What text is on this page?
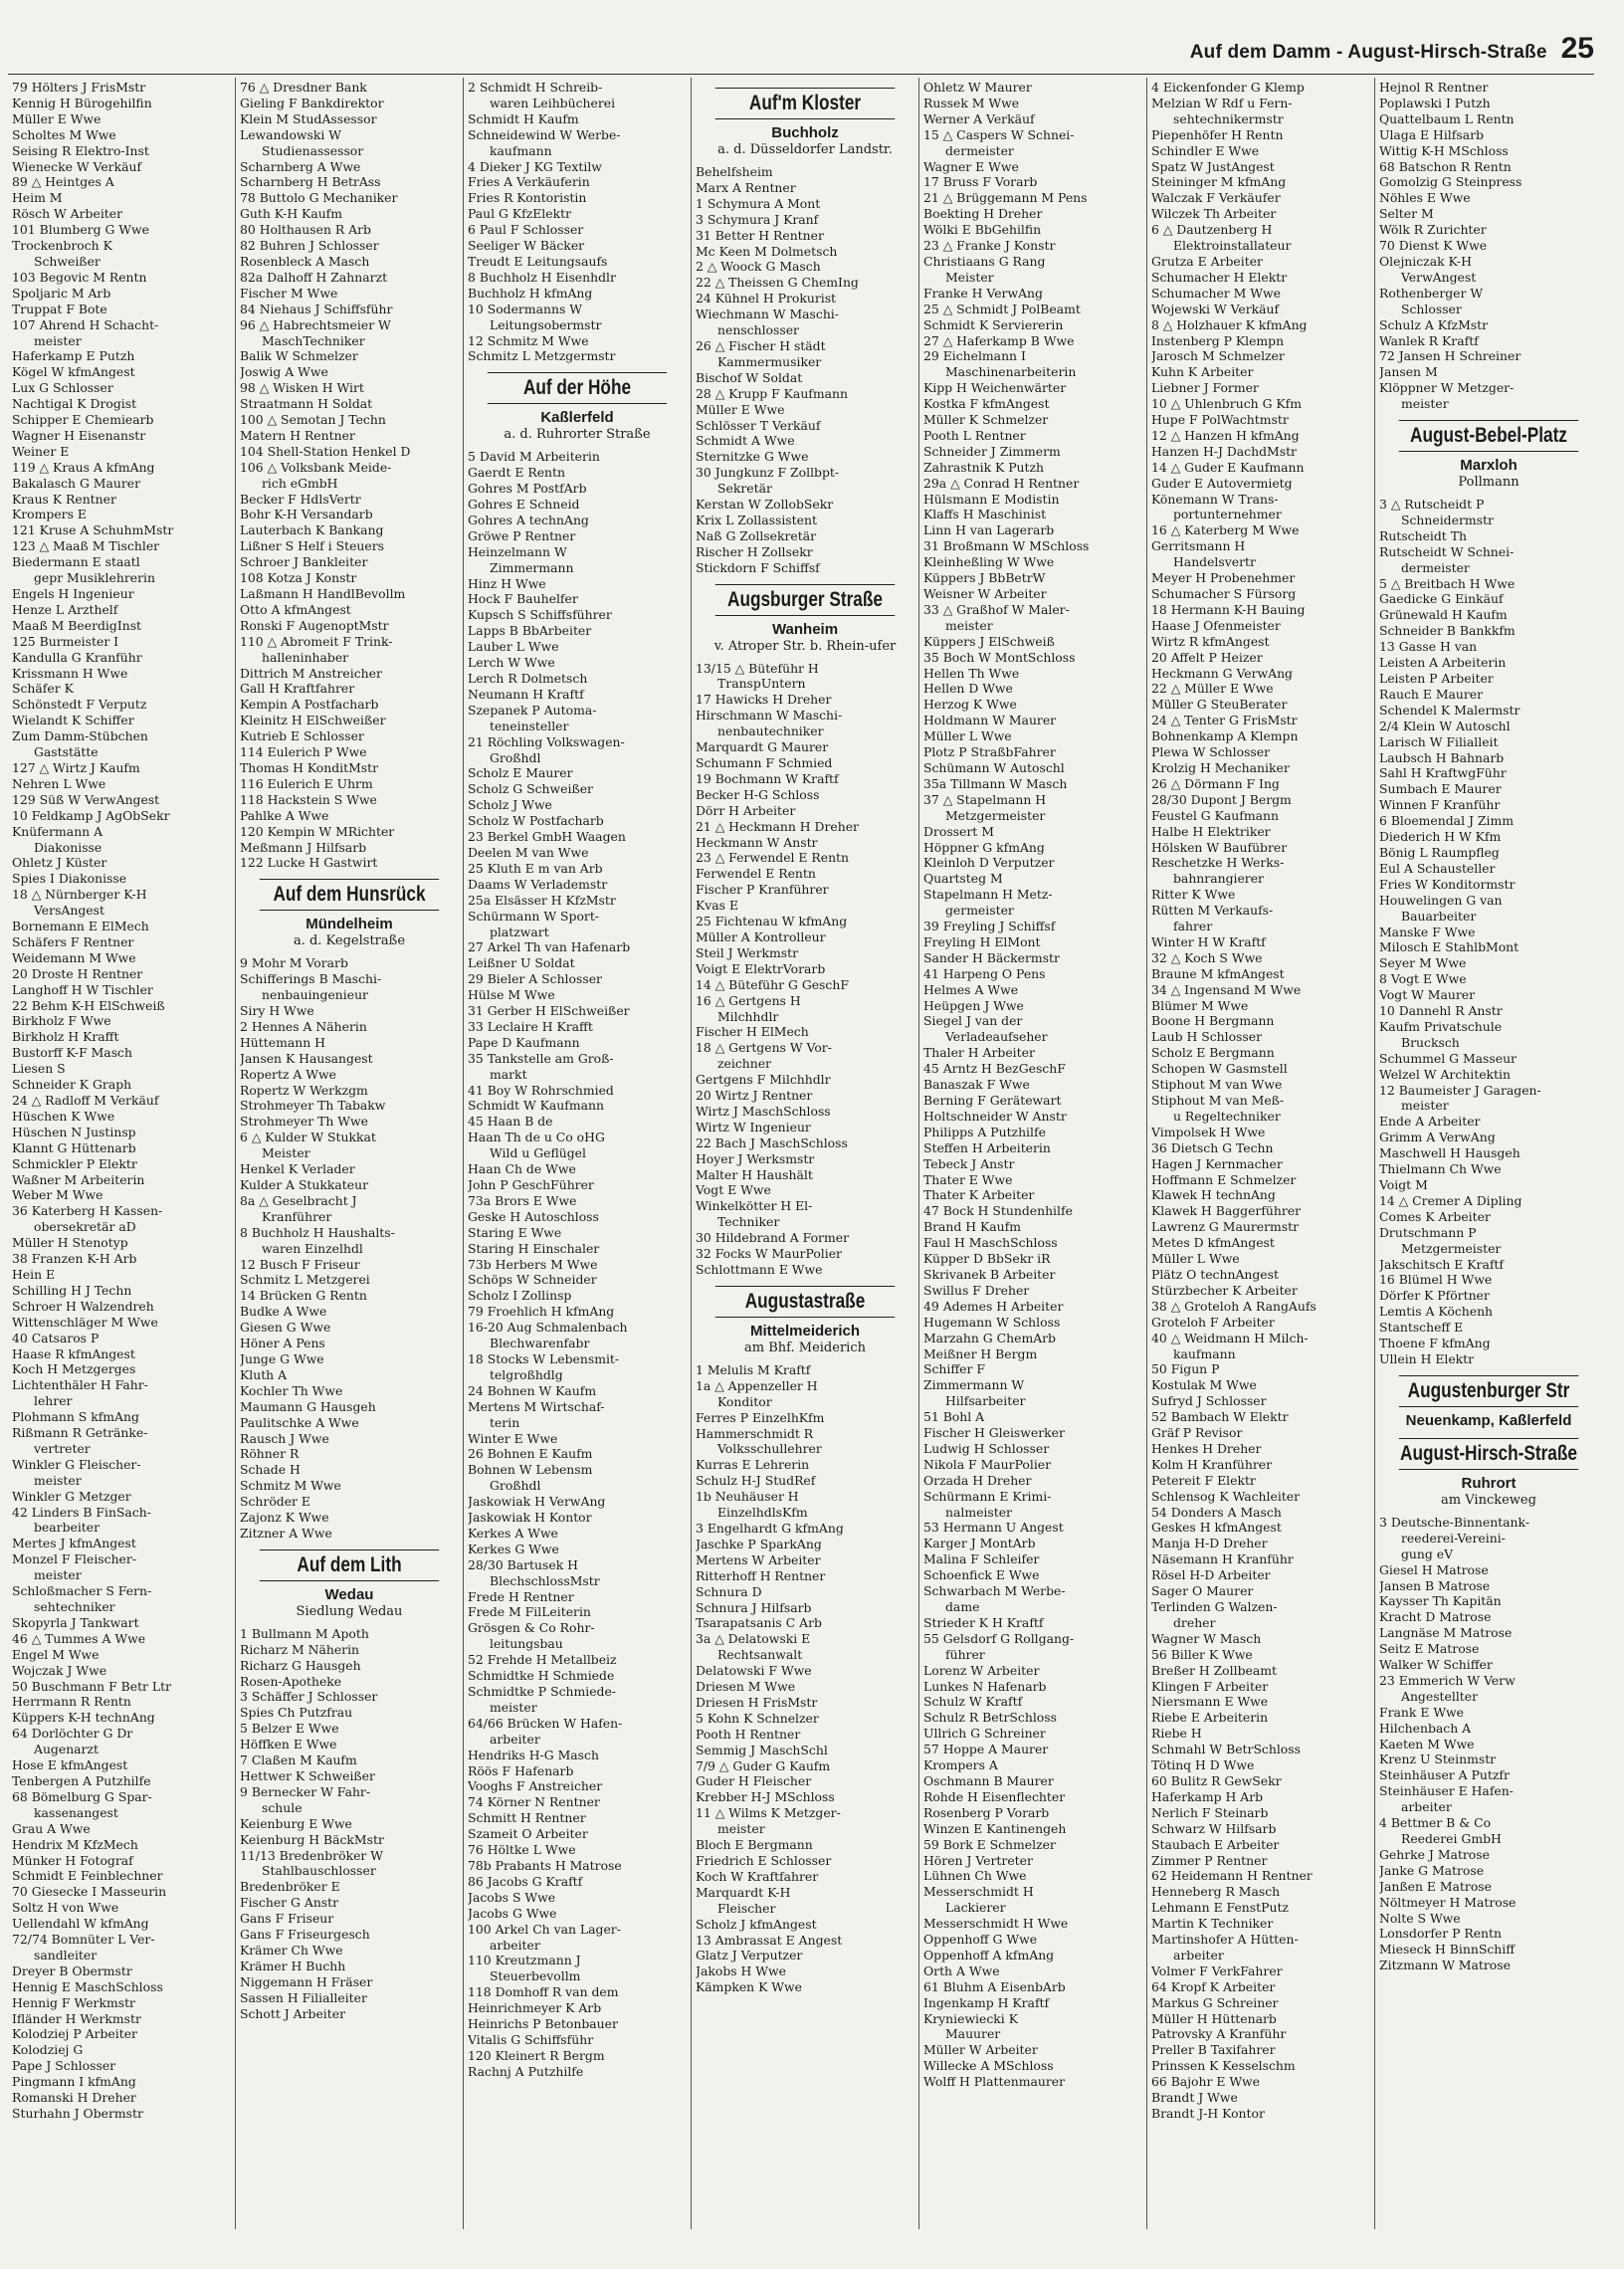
Auf dem Damm - August-Hirsch-Straße 25
79 Hölters J FrisMstr
Kennig H Bürogehilfin
Müller E Wwe
Scholtes M Wwe
Seising R Elektro-Inst
Wienecke W Verkäuf
89 △ Heintges A
Heim M
Rösch W Arbeiter
101 Blumberg G Wwe
Trockenbroch K
Schweißer
103 Begovic M Rentn
Spoljaric M Arb
Truppat F Bote
107 Ahrend H Schacht-
meister
Haferkamp E Putzh
Kögel W kfmAngest
Lux G Schlosser
Nachtigal K Drogist
Schipper E Chemiearb
Wagner H Eisenanstr
Weiner E
119 △ Kraus A kfmAng
Bakalasch G Maurer
Kraus K Rentner
Krompers E
121 Kruse A SchuhmMstr
123 △ Maaß M Tischler
Biedermann E staatl
gepr Musiklehrerin
Engels H Ingenieur
Henze L Arzthelf
Maaß M BeerdigInst
125 Burmeister I
Kandulla G Kranführ
Krissmann H Wwe
Schäfer K
Schönstedt F Verputz
Wielandt K Schiffer
Zum Damm-Stübchen
Gaststätte
127 △ Wirtz J Kaufm
Nehren L Wwe
129 Süß W VerwAngest
10 Feldkamp J AgObSekr
Knüfermann A
Diakonisse
Ohletz J Küster
Spies I Diakonisse
18 △ Nürnberger K-H
VersAngest
Bornemann E ElMech
Schäfers F Rentner
Weidemann M Wwe
20 Droste H Rentner
Langhoff H W Tischler
22 Behm K-H ElSchweiß
Birkholz F Wwe
Birkholz H Krafft
Bustorff K-F Masch
Liesen S
Schneider K Graph
24 △ Radloff M Verkäuf
Hüschen K Wwe
Hüschen N Justinsp
Klannt G Hüttenarb
Schmickler P Elektr
Waßner M Arbeiterin
Weber M Wwe
36 Katerberg H Kassen-
obersekretär aD
Müller H Stenotyp
38 Franzen K-H Arb
Hein E
Schilling H J Techn
Schroer H Walzendreh
Wittenschläger M Wwe
40 Catsaros P
Haase R kfmAngest
Koch H Metzgerges
Lichtenthäler H Fahr-
lehrer
Plohmann S kfmAng
Rißmann R Getränke-
vertreter
Winkler G Fleischer-
meister
Winkler G Metzger
42 Linders B FinSach-
bearbeiter
Mertes J kfmAngest
Monzel F Fleischer-
meister
Schloßmacher S Fern-
sehtechniker
Skopyrla J Tankwart
46 △ Tummes A Wwe
Engel M Wwe
Wojczak J Wwe
50 Buschmann F Betr Ltr
Herrmann R Rentn
Küppers K-H technAng
64 Dorlöchter G Dr
Augenarzt
Hose E kfmAngest
Tenbergen A Putzhilfe
68 Bömelburg G Spar-
kassenangest
Grau A Wwe
Hendrix M KfzMech
Münker H Fotograf
Schmidt E Feinblechner
70 Giesecke I Masseurin
Soltz H von Wwe
Uellendahl W kfmAng
72/74 Bomnüter L Ver-
sandleiter
Dreyer B Obermstr
Hennig E MaschSchloss
Hennig F Werkmstr
Ifländer H Werkmstr
Kolodziej P Arbeiter
Kolodziej G
Pape J Schlosser
Pingmann I kfmAng
Romanski H Dreher
Sturhahn J Obermstr
76 △ Dresdner Bank
Gieling F Bankdirektor
Klein M StudAssessor
Lewandowski W
Studienassessor
Scharnberg A Wwe
Scharnberg H BetrAss
78 Buttolo G Mechaniker
Guth K-H Kaufm
80 Holthausen R Arb
82 Buhren J Schlosser
Rosenbleck A Masch
82a Dalhoff H Zahnarzt
Fischer M Wwe
84 Niehaus J Schiffsführ
96 △ Habrechtsmeier W
MaschTechniker
Balik W Schmelzer
Joswig A Wwe
98 △ Wisken H Wirt
Straatmann H Soldat
100 △ Semotan J Techn
Matern H Rentner
104 Shell-Station Henkel D
106 △ Volksbank Meide-
rich eGmbH
Becker F HdlsVertr
Bohr K-H Versandarb
Lauterbach K Bankang
Lißner S Helf i Steuers
Schroer J Bankleiter
108 Kotza J Konstr
Laßmann H HandlBevollm
Otto A kfmAngest
Ronski F AugenoptMstr
110 △ Abromeit F Trink-
halleninhaber
Dittrich M Anstreicher
Gall H Kraftfahrer
Kempin A Postfacharb
Kleinitz H ElSchweißer
Kutrieb E Schlosser
114 Eulerich P Wwe
Thomas H KonditMstr
116 Eulerich E Uhrm
118 Hackstein S Wwe
Pahlke A Wwe
120 Kempin W MRichter
Meßmann J Hilfsarb
122 Lucke H Gastwirt
Auf dem Hunsrück
Mündelheim
a. d. Kegelstraße
9 Mohr M Vorarb
Schifferings B Maschi-
nenbauingenieur
Siry H Wwe
2 Hennes A Näherin
Hüttemann H
Jansen K Hausangest
Ropertz A Wwe
Ropertz W Werkzgm
Strohmeyer Th Tabakw
Strohmeyer Th Wwe
6 △ Kulder W Stukkat
Meister
Henkel K Verlader
Kulder A Stukkateur
8a △ Geselbracht J
Kranführer
8 Buchholz H Haushalts-
waren Einzelhdl
12 Busch F Friseur
Schmitz L Metzgerei
14 Brücken G Rentn
Budke A Wwe
Giesen G Wwe
Höner A Pens
Junge G Wwe
Kluth A
Kochler Th Wwe
Maumann G Hausgeh
Paulitschke A Wwe
Rausch J Wwe
Röhner R
Schade H
Schmitz M Wwe
Schröder E
Zajonz K Wwe
Zitzner A Wwe
Auf dem Lith
Wedau
Siedlung Wedau
1 Bullmann M Apoth
Richarz M Näherin
Richarz G Hausgeh
Rosen-Apotheke
3 Schäffer J Schlosser
Spies Ch Putzfrau
5 Belzer E Wwe
Höffken E Wwe
7 Claßen M Kaufm
Hettwer K Schweißer
9 Bernecker W Fahr-
schule
Keienburg E Wwe
Keienburg H BäckMstr
11/13 Bredenbröker W
Stahlbauschlosser
Bredenbröker E
Fischer G Anstr
Gans F Friseur
Gans F Friseurgesch
Krämer Ch Wwe
Krämer H Buchh
Niggemann H Fräser
Sassen H Filialleiter
Schott J Arbeiter
2 Schmidt H Schreib-
waren Leihbücherei
Schmidt H Kaufm
Schneidewind W Werbe-
kaufmann
4 Dieker J KG Textilw
Fries A Verkäuferin
Fries R Kontoristin
Paul G KfzElektr
6 Paul F Schlosser
Seeliger W Bäcker
Treudt E Leitungsaufs
8 Buchholz H Eisenhdlr
Buchholz H kfmAng
10 Sodermanns W
Leitungsobermstr
12 Schmitz M Wwe
Schmitz L Metzgermstr
Auf der Höhe
Kaßlerfeld
a. d. Ruhrorter Straße
5 David M Arbeiterin
Gaerdt E Rentn
Gohres M PostfArb
Gohres E Schneid
Gohres A technAng
Gröwe P Rentner
Heinzelmann W
Zimmermann
Hinz H Wwe
Hock F Bauhelfer
Kupsch S Schiffsführer
Lapps B BbArbeiter
Lauber L Wwe
Lerch W Wwe
Lerch R Dolmetsch
Neumann H Kraftf
Szepanek P Automa-
teneinsteller
21 Röchling Volkswagen-
Großhdl
Scholz E Maurer
Scholz G Schweißer
Scholz J Wwe
Scholz W Postfacharb
23 Berkel GmbH Waagen
Deelen M van Wwe
25 Kluth E m van Arb
Daams W Verlademstr
25a Elsässer H KfzMstr
Schürmann W Sport-
platzwart
27 Arkel Th van Hafenarb
Leißner U Soldat
29 Bieler A Schlosser
Hülse M Wwe
31 Gerber H ElSchweißer
33 Leclaire H Krafft
Pape D Kaufmann
35 Tankstelle am Groß-
markt
41 Boy W Rohrschmied
Schmidt W Kaufmann
45 Haan B de
Haan Th de u Co oHG
Wild u Geflügel
Haan Ch de Wwe
John P GeschFührer
73a Brors E Wwe
Geske H Autoschloss
Staring E Wwe
Staring H Einschaler
73b Herbers M Wwe
Schöps W Schneider
Scholz I Zollinsp
79 Froehlich H kfmAng
16-20 Aug Schmalenbach
Blechwarenfabr
18 Stocks W Lebensmit-
telgroßhdlg
24 Bohnen W Kaufm
Mertens M Wirtschaf-
terin
Winter E Wwe
26 Bohnen E Kaufm
Bohnen W Lebensm
Großhdl
Jaskowiak H VerwAng
Jaskowiak H Kontor
Kerkes A Wwe
Kerkes G Wwe
28/30 Bartusek H
BlechschlossMstr
Frede H Rentner
Frede M FilLeiterin
Grösgen & Co Rohr-
leitungsbau
52 Frehde H Metallbeiz
Schmidtke H Schmiede
Schmidtke P Schmiede-
meister
64/66 Brücken W Hafen-
arbeiter
Hendriks H-G Masch
Röös F Hafenarb
Vooghs F Anstreicher
74 Körner N Rentner
Schmitt H Rentner
Szameit O Arbeiter
76 Höltke L Wwe
78b Prabants H Matrose
86 Jacobs G Kraftf
Jacobs S Wwe
Jacobs G Wwe
100 Arkel Ch van Lager-
arbeiter
110 Kreutzmann J
Steuerbevollm
118 Domhoff R van dem
Heinrichmeyer K Arb
Heinrichs P Betonbauer
Vitalis G Schiffsführ
120 Kleinert R Bergm
Rachnj A Putzhilfe
Auf'm Kloster
Buchholz
a. d. Düsseldorfer Landstr.
Behelfsheim
Marx A Rentner
1 Schymura A Mont
3 Schymura J Kranf
31 Better H Rentner
Mc Keen M Dolmetsch
2 △ Woock G Masch
22 △ Theissen G ChemIng
24 Kühnel H Prokurist
Wiechmann W Maschi-
nenschlosser
26 △ Fischer H städt
Kammermusiker
Bischof W Soldat
28 △ Krupp F Kaufmann
Müller E Wwe
Schlösser T Verkäuf
Schmidt A Wwe
Sternitzke G Wwe
30 Jungkunz F Zollbpt-
Sekretär
Kerstan W ZollobSekr
Krix L Zollassistent
Naß G Zollsekretär
Rischer H Zollsekr
Stickdorn F Schiffsf
Augsburger Straße
Wanheim
v. Atroper Str. b. Rhein-ufer
13/15 △ Büteführ H
TranspUntern
17 Hawicks H Dreher
Hirschmann W Maschi-
nenbautechniker
Marquardt G Maurer
Schumann F Schmied
19 Bochmann W Kraftf
Becker H-G Schloss
Dörr H Arbeiter
21 △ Heckmann H Dreher
Heckmann W Anstr
23 △ Ferwendel E Rentn
Ferwendel E Rentn
Fischer P Kranführer
Kvas E
25 Fichtenau W kfmAng
Müller A Kontrolleur
Steil J Werkmstr
Voigt E ElektrVorarb
14 △ Büteführ G GeschF
16 △ Gertgens H
Milchhdlr
Fischer H ElMech
18 △ Gertgens W Vor-
zeichner
Gertgens F Milchhdlr
20 Wirtz J Rentner
Wirtz J MaschSchloss
Wirtz W Ingenieur
22 Bach J MaschSchloss
Hoyer J Werksmstr
Malter H Haushält
Vogt E Wwe
Winkelkötter H El-
Techniker
30 Hildebrand A Former
32 Focks W MaurPolier
Schlottmann E Wwe
Augustastraße
Mittelmeiderich
am Bhf. Meiderich
1 Melulis M Kraftf
1a △ Appenzeller H
Konditor
Ferres P EinzelhKfm
Hammerschmidt R
Volksschullehrer
Kurras E Lehrerin
Schulz H-J StudRef
1b Neuhäuser H
EinzelhdlsKfm
3 Engelhardt G kfmAng
Jaschke P SparkAng
Mertens W Arbeiter
Ritterhoff H Rentner
Schnura D
Schnura J Hilfsarb
Tsarapatsanis C Arb
3a △ Delatowski E
Rechtsanwalt
Delatowski F Wwe
Driesen M Wwe
Driesen H FrisMstr
5 Kohn K Schnelzer
Pooth H Rentner
Semmig J MaschSchl
7/9 △ Guder G Kaufm
Guder H Fleischer
Krebber H-J MSchloss
11 △ Wilms K Metzger-
meister
Bloch E Bergmann
Friedrich E Schlosser
Koch W Kraftfahrer
Marquardt K-H
Fleischer
Scholz J kfmAngest
13 Ambrassat E Angest
Glatz J Verputzer
Jakobs H Wwe
Kämpken K Wwe
Ohletz W Maurer
Russek M Wwe
Werner A Verkäuf
15 △ Caspers W Schnei-
dermeister
Wagner E Wwe
17 Bruss F Vorarb
21 △ Brüggemann M Pens
Boekting H Dreher
Wölki E BbGehilfin
23 △ Franke J Konstr
Christiaans G Rang
Meister
Franke H VerwAng
25 △ Schmidt J PolBeamt
Schmidt K Serviererin
27 △ Haferkamp B Wwe
29 Eichelmann I
Maschinenarbeiterin
Kipp H Weichenwärter
Kostka F kfmAngest
Müller K Schmelzer
Pooth L Rentner
Schneider J Zimmerm
Zahrastnik K Putzh
29a △ Conrad H Rentner
Hülsmann E Modistin
Klaffs H Maschinist
Linn H van Lagerarb
31 Broßmann W MSchloss
Kleinheßling W Wwe
Küppers J BbBetrW
Weisner W Arbeiter
33 △ Graßhof W Maler-
meister
Küppers J ElSchweiß
35 Boch W MontSchloss
Hellen Th Wwe
Hellen D Wwe
Herzog K Wwe
Holdmann W Maurer
Müller L Wwe
Plotz P StraßbFahrer
Schümann W Autoschl
35a Tillmann W Masch
37 △ Stapelmann H
Metzgermeister
Drossert M
Höppner G kfmAng
Kleinloh D Verputzer
Quartsteg M
Stapelmann H Metz-
germeister
39 Freyling J Schiffsf
Freyling H ElMont
Sander H Bäckermstr
41 Harpeng O Pens
Helmes A Wwe
Heüpgen J Wwe
Siegel J van der
Verladeaufseher
Thaler H Arbeiter
45 Arntz H BezGeschF
Banaszak F Wwe
Berning F Gerätewart
Holtschneider W Anstr
Philipps A Putzhilfe
Steffen H Arbeiterin
Tebeck J Anstr
Thater E Wwe
Thater K Arbeiter
47 Bock H Stundenhilfe
Brand H Kaufm
Faul H MaschSchloss
Küpper D BbSekr iR
Skrivanek B Arbeiter
Swillus F Dreher
49 Ademes H Arbeiter
Hugemann W Schloss
Marzahn G ChemArb
Meißner H Bergm
Schiffer F
Zimmermann W
Hilfsarbeiter
51 Bohl A
Fischer H Gleiswerker
Ludwig H Schlosser
Nikola F MaurPolier
Orzada H Dreher
Schürmann E Krimi-
nalmeister
53 Hermann U Angest
Karger J MontArb
Malina F Schleifer
Schoenfick E Wwe
Schwarbach M Werbe-
dame
Strieder K H Kraftf
55 Gelsdorf G Rollgang-
führer
Lorenz W Arbeiter
Lunkes N Hafenarb
Schulz W Kraftf
Schulz R BetrSchloss
Ullrich G Schreiner
57 Hoppe A Maurer
Krompers A
Oschmann B Maurer
Rohde H Eisenflechter
Rosenberg P Vorarb
Winzen E Kantinengeh
59 Bork E Schmelzer
Hören J Vertreter
Lühnen Ch Wwe
Messerschmidt H
Lackierer
Messerschmidt H Wwe
Oppenhoff G Wwe
Oppenhoff A kfmAng
Orth A Wwe
61 Bluhm A EisenbArb
Ingenkamp H Kraftf
Kryniewiecki K
Mauurer
Müller W Arbeiter
Willecke A MSchloss
Wolff H Plattenmaurer
4 Eickenfonder G Klemp
Melzian W Rdf u Fern-
sehtechnikermstr
Piepenhöfer H Rentn
Schindler E Wwe
Spatz W JustAngest
Steininger M kfmAng
Walczak F Verkäufer
Wilczek Th Arbeiter
6 △ Dautzenberg H
Elektroinstallateur
Grutza E Arbeiter
Schumacher H Elektr
Schumacher M Wwe
Wojewski W Verkäuf
8 △ Holzhauer K kfmAng
Instenberg P Klempn
Jarosch M Schmelzer
Kuhn K Arbeiter
Liebner J Former
10 △ Uhlenbruch G Kfm
Hupe F PolWachtmstr
12 △ Hanzen H kfmAng
Hanzen H-J DachdMstr
14 △ Guder E Kaufmann
Guder E Autovermietg
Könemann W Trans-
portunternehmer
16 △ Katerberg M Wwe
Gerritsmann H
Handelsvertr
Meyer H Probenehmer
Schumacher S Fürsorg
18 Hermann K-H Bauing
Haase J Ofenmeister
Wirtz R kfmAngest
20 Affelt P Heizer
Heckmann G VerwAng
22 △ Müller E Wwe
Müller G SteuBerater
24 △ Tenter G FrisMstr
Bohnenkamp A Klempn
Plewa W Schlosser
Krolzig H Mechaniker
26 △ Dörmann F Ing
28/30 Dupont J Bergm
Feustel G Kaufmann
Halbe H Elektriker
Hölsken W Baufübrer
Reschetzke H Werks-
bahnrangierer
Ritter K Wwe
Rütten M Verkaufs-
fahrer
Winter H W Kraftf
32 △ Koch S Wwe
Braune M kfmAngest
34 △ Ingensand M Wwe
Blümer M Wwe
Boone H Bergmann
Laub H Schlosser
Scholz E Bergmann
Schopen W Gasmstell
Stiphout M van Wwe
Stiphout M van Meß-
u Regeltechniker
Vimpolsek H Wwe
36 Dietsch G Techn
Hagen J Kernmacher
Hoffmann E Schmelzer
Klawek H technAng
Klawek H Baggerführer
Lawrenz G Maurermstr
Metes D kfmAngest
Müller L Wwe
Plätz O technAngest
Stürzbecher K Arbeiter
38 △ Groteloh A RangAufs
Groteloh F Arbeiter
40 △ Weidmann H Milch-
kaufmann
50 Figun P
Kostulak M Wwe
Sufryd J Schlosser
52 Bambach W Elektr
Gräf P Revisor
Henkes H Dreher
Kolm H Kranführer
Petereit F Elektr
Schlensog K Wachleiter
54 Donders A Masch
Geskes H kfmAngest
Manja H-D Dreher
Näsemann H Kranführ
Rösel H-D Arbeiter
Sager O Maurer
Terlinden G Walzen-
dreher
Wagner W Masch
56 Biller K Wwe
Breßer H Zollbeamt
Klingen F Arbeiter
Niersmann E Wwe
Riebe E Arbeiterin
Riebe H
Schmahl W BetrSchloss
Tötinq H D Wwe
60 Bulitz R GewSekr
Haferkamp H Arb
Nerlich F Steinarb
Schwarz W Hilfsarb
Staubach E Arbeiter
Zimmer P Rentner
62 Heidemann H Rentner
Henneberg R Masch
Lehmann E FenstPutz
Martin K Techniker
Martinshofer A Hütten-
arbeiter
Volmer F VerkFahrer
64 Kropf K Arbeiter
Markus G Schreiner
Müller H Hüttenarb
Patrovsky A Kranführ
Preller B Taxifahrer
Prinssen K Kesselschm
66 Bajohr E Wwe
Brandt J Wwe
Brandt J-H Kontor
Hejnol R Rentner
Poplawski I Putzh
Quattelbaum L Rentn
Ulaga E Hilfsarb
Wittig K-H MSchloss
68 Batschon R Rentn
Gomolzig G Steinpress
Nöhles E Wwe
Selter M
Wölk R Zurichter
70 Dienst K Wwe
Olejniczak K-H
VerwAngest
Rothenberger W
Schlosser
Schulz A KfzMstr
Wanlek R Kraftf
72 Jansen H Schreiner
Jansen M
Klöppner W Metzger-
meister
August-Bebel-Platz
Marxloh
Pollmann
3 △ Rutscheidt P
Schneidermstr
Rutscheidt Th
Rutscheidt W Schnei-
dermeister
5 △ Breitbach H Wwe
Gaedicke G Einkäuf
Grünewald H Kaufm
Schneider B Bankkfm
13 Gasse H van
Leisten A Arbeiterin
Leisten P Arbeiter
Rauch E Maurer
Schendel K Malermstr
2/4 Klein W Autoschl
Larisch W Filialleit
Laubsch H Bahnarb
Sahl H KraftwgFühr
Sumbach E Maurer
Winnen F Kranführ
6 Bloemendal J Zimm
Diederich H W Kfm
Bönig L Raumpfleg
Eul A Schausteller
Fries W Konditormstr
Houwelingen G van
Bauarbeiter
Manske F Wwe
Milosch E StahlbMont
Seyer M Wwe
8 Vogt E Wwe
Vogt W Maurer
10 Dannehl R Anstr
Kaufm Privatschule
Brucksch
Schummel G Masseur
Welzel W Architektin
12 Baumeister J Garagen-
meister
Ende A Arbeiter
Grimm A VerwAng
Maschwell H Hausgeh
Thielmann Ch Wwe
Voigt M
14 △ Cremer A Dipling
Comes K Arbeiter
Drutschmann P
Metzgermeister
Jakschitsch E Kraftf
16 Blümel H Wwe
Dörfer K Pförtner
Lemtis A Köchenh
Stantscheff E
Thoene F kfmAng
Ullein H Elektr
Augustenburger Str
Neuenkamp, Kaßlerfeld
August-Hirsch-Straße
Ruhrort
am Vinckeweg
3 Deutsche-Binnentank-
reederei-Vereini-
gung eV
Giesel H Matrose
Jansen B Matrose
Kaysser Th Kapitän
Kracht D Matrose
Langnäse M Matrose
Seitz E Matrose
Walker W Schiffer
23 Emmerich W Verw
Angestellter
Frank E Wwe
Hilchenbach A
Kaeten M Wwe
Krenz U Steinmstr
Steinhäuser A Putzfr
Steinhäuser E Hafen-
arbeiter
4 Bettmer B & Co
Reederei GmbH
Gehrke J Matrose
Janke G Matrose
Janßen E Matrose
Nöltmeyer H Matrose
Nolte S Wwe
Lonsdorfer P Rentn
Mieseck H BinnSchiff
Zitzmann W Matrose
